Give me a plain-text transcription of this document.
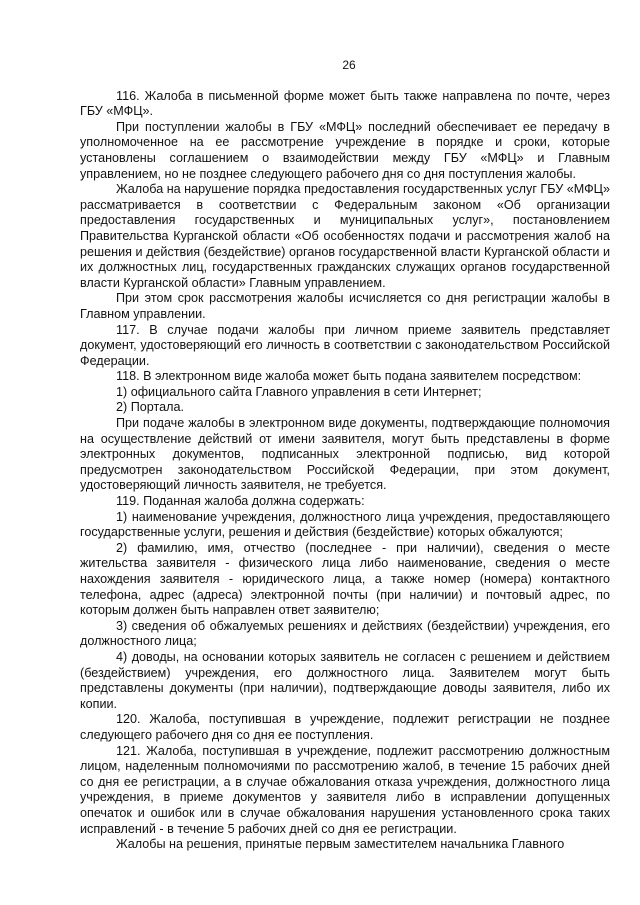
26

116. Жалоба в письменной форме может быть также направлена по почте, через ГБУ «МФЦ».

При поступлении жалобы в ГБУ «МФЦ» последний обеспечивает ее передачу в уполномоченное на ее рассмотрение учреждение в порядке и сроки, которые установлены соглашением о взаимодействии между ГБУ «МФЦ» и Главным управлением, но не позднее следующего рабочего дня со дня поступления жалобы.

Жалоба на нарушение порядка предоставления государственных услуг ГБУ «МФЦ» рассматривается в соответствии с Федеральным законом «Об организации предоставления государственных и муниципальных услуг», постановлением Правительства Курганской области «Об особенностях подачи и рассмотрения жалоб на решения и действия (бездействие) органов государственной власти Курганской области и их должностных лиц, государственных гражданских служащих органов государственной власти Курганской области» Главным управлением.

При этом срок рассмотрения жалобы исчисляется со дня регистрации жалобы в Главном управлении.

117. В случае подачи жалобы при личном приеме заявитель представляет документ, удостоверяющий его личность в соответствии с законодательством Российской Федерации.

118. В электронном виде жалоба может быть подана заявителем посредством:

1) официального сайта Главного управления в сети Интернет;

2) Портала.

При подаче жалобы в электронном виде документы, подтверждающие полномочия на осуществление действий от имени заявителя, могут быть представлены в форме электронных документов, подписанных электронной подписью, вид которой предусмотрен законодательством Российской Федерации, при этом документ, удостоверяющий личность заявителя, не требуется.

119. Поданная жалоба должна содержать:

1) наименование учреждения, должностного лица учреждения, предоставляющего государственные услуги, решения и действия (бездействие) которых обжалуются;

2) фамилию, имя, отчество (последнее - при наличии), сведения о месте жительства заявителя - физического лица либо наименование, сведения о месте нахождения заявителя - юридического лица, а также номер (номера) контактного телефона, адрес (адреса) электронной почты (при наличии) и почтовый адрес, по которым должен быть направлен ответ заявителю;

3) сведения об обжалуемых решениях и действиях (бездействии) учреждения, его должностного лица;

4) доводы, на основании которых заявитель не согласен с решением и действием (бездействием) учреждения, его должностного лица. Заявителем могут быть представлены документы (при наличии), подтверждающие доводы заявителя, либо их копии.

120. Жалоба, поступившая в учреждение, подлежит регистрации не позднее следующего рабочего дня со дня ее поступления.

121. Жалоба, поступившая в учреждение, подлежит рассмотрению должностным лицом, наделенным полномочиями по рассмотрению жалоб, в течение 15 рабочих дней со дня ее регистрации, а в случае обжалования отказа учреждения, должностного лица учреждения, в приеме документов у заявителя либо в исправлении допущенных опечаток и ошибок или в случае обжалования нарушения установленного срока таких исправлений - в течение 5 рабочих дней со дня ее регистрации.

Жалобы на решения, принятые первым заместителем начальника Главного
